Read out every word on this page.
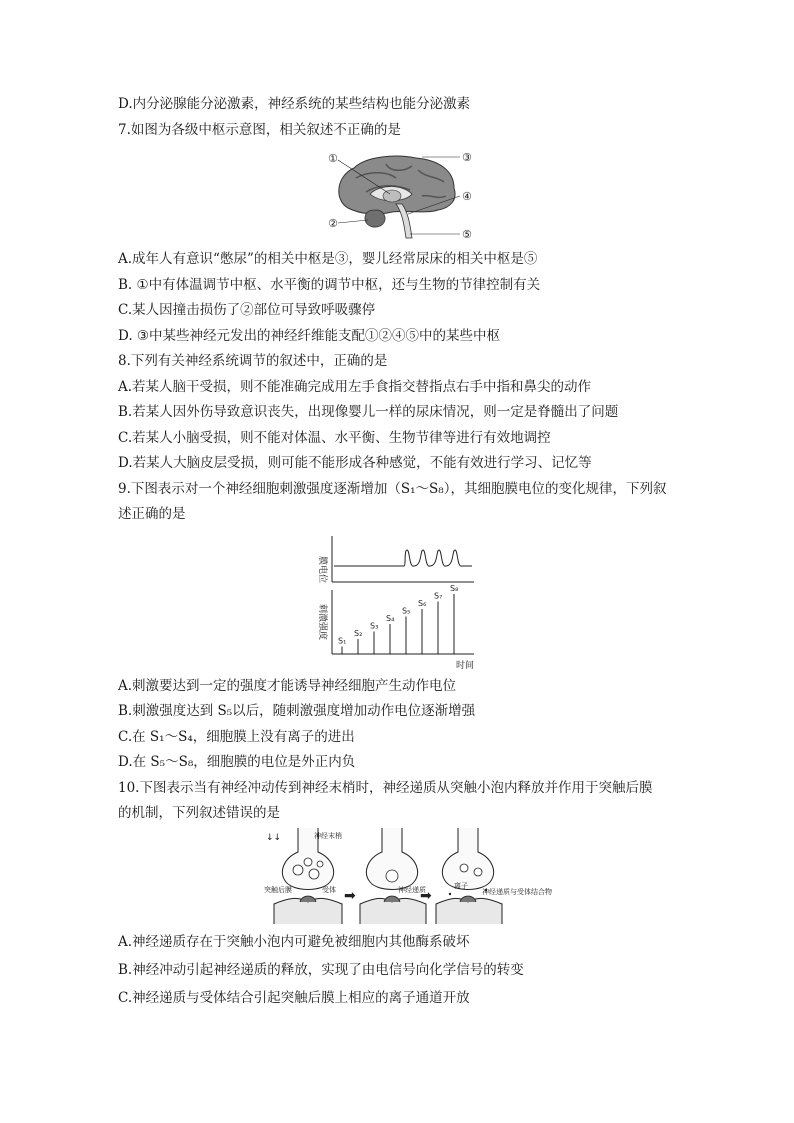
D.内分泌腺能分泌激素，神经系统的某些结构也能分泌激素
7.如图为各级中枢示意图，相关叙述不正确的是
①	③
④
②
⑤
A.成年人有意识“憋尿”的相关中枢是③，婴儿经常尿床的相关中枢是⑤
B. ①中有体温调节中枢、水平衡的调节中枢，还与生物的节律控制有关
C.某人因撞击损伤了②部位可导致呼吸骤停
D. ③中某些神经元发出的神经纤维能支配①②④⑤中的某些中枢
8.下列有关神经系统调节的叙述中，正确的是
A.若某人脑干受损，则不能准确完成用左手食指交替指点右手中指和鼻尖的动作
B.若某人因外伤导致意识丧失，出现像婴儿一样的尿床情况，则一定是脊髓出了问题
C.若某人小脑受损，则不能对体温、水平衡、生物节律等进行有效地调控
D.若某人大脑皮层受损，则可能不能形成各种感觉，不能有效进行学习、记忆等
9.下图表示对一个神经细胞刺激强度逐渐增加（S₁～S₈），其细胞膜电位的变化规律，下列叙
述正确的是
膜电位
刺激强度
S₁
S₂
S₃
S₄
S₅
S₆
S₇
S₈
时间
A.刺激要达到一定的强度才能诱导神经细胞产生动作电位
B.刺激强度达到 S₅以后，随刺激强度增加动作电位逐渐增强
C.在 S₁～S₄，细胞膜上没有离子的进出
D.在 S₅～S₈，细胞膜的电位是外正内负
10.下图表示当有神经冲动传到神经末梢时，神经递质从突触小泡内释放并作用于突触后膜
的机制，下列叙述错误的是
↓↓	神经末梢
突触后膜	受体 ➡	神经递质
➡
离子
神经递质与受体结合物
A.神经递质存在于突触小泡内可避免被细胞内其他酶系破坏
B.神经冲动引起神经递质的释放，实现了由电信号向化学信号的转变
C.神经递质与受体结合引起突触后膜上相应的离子通道开放
